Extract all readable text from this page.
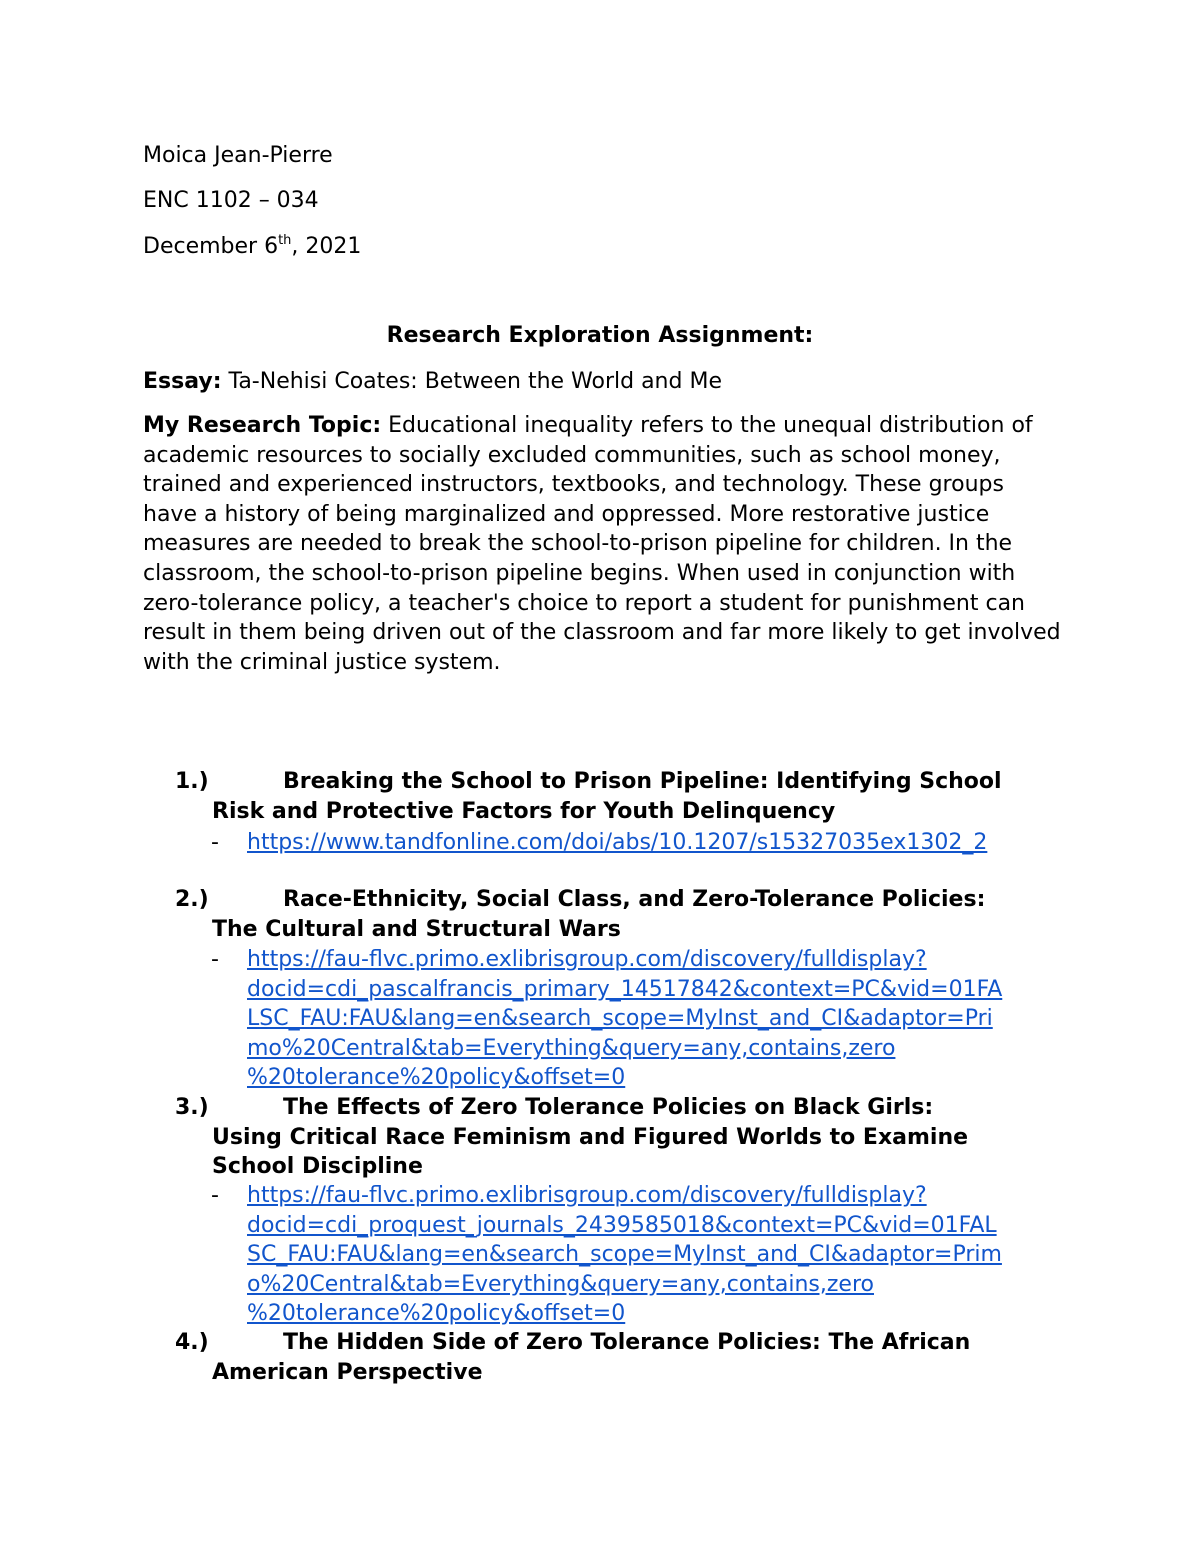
Moica Jean-Pierre

ENC 1102 – 034

December 6th, 2021

Research Exploration Assignment:

Essay: Ta-Nehisi Coates: Between the World and Me

My Research Topic: Educational inequality refers to the unequal distribution of academic resources to socially excluded communities, such as school money, trained and experienced instructors, textbooks, and technology. These groups have a history of being marginalized and oppressed. More restorative justice measures are needed to break the school-to-prison pipeline for children. In the classroom, the school-to-prison pipeline begins. When used in conjunction with zero-tolerance policy, a teacher's choice to report a student for punishment can result in them being driven out of the classroom and far more likely to get involved with the criminal justice system.

1.)	Breaking the School to Prison Pipeline: Identifying School
Risk and Protective Factors for Youth Delinquency
- https://www.tandfonline.com/doi/abs/10.1207/s15327035ex1302_2
2.)	Race-Ethnicity, Social Class, and Zero-Tolerance Policies:
The Cultural and Structural Wars
- https://fau-flvc.primo.exlibrisgroup.com/discovery/fulldisplay?
docid=cdi_pascalfrancis_primary_14517842&context=PC&vid=01FA
LSC_FAU:FAU&lang=en&search_scope=MyInst_and_CI&adaptor=Pri
mo%20Central&tab=Everything&query=any,contains,zero
%20tolerance%20policy&offset=0
3.)	The Effects of Zero Tolerance Policies on Black Girls:
Using Critical Race Feminism and Figured Worlds to Examine
School Discipline
- https://fau-flvc.primo.exlibrisgroup.com/discovery/fulldisplay?
docid=cdi_proquest_journals_2439585018&context=PC&vid=01FAL
SC_FAU:FAU&lang=en&search_scope=MyInst_and_CI&adaptor=Prim
o%20Central&tab=Everything&query=any,contains,zero
%20tolerance%20policy&offset=0
4.)	The Hidden Side of Zero Tolerance Policies: The African
American Perspective
